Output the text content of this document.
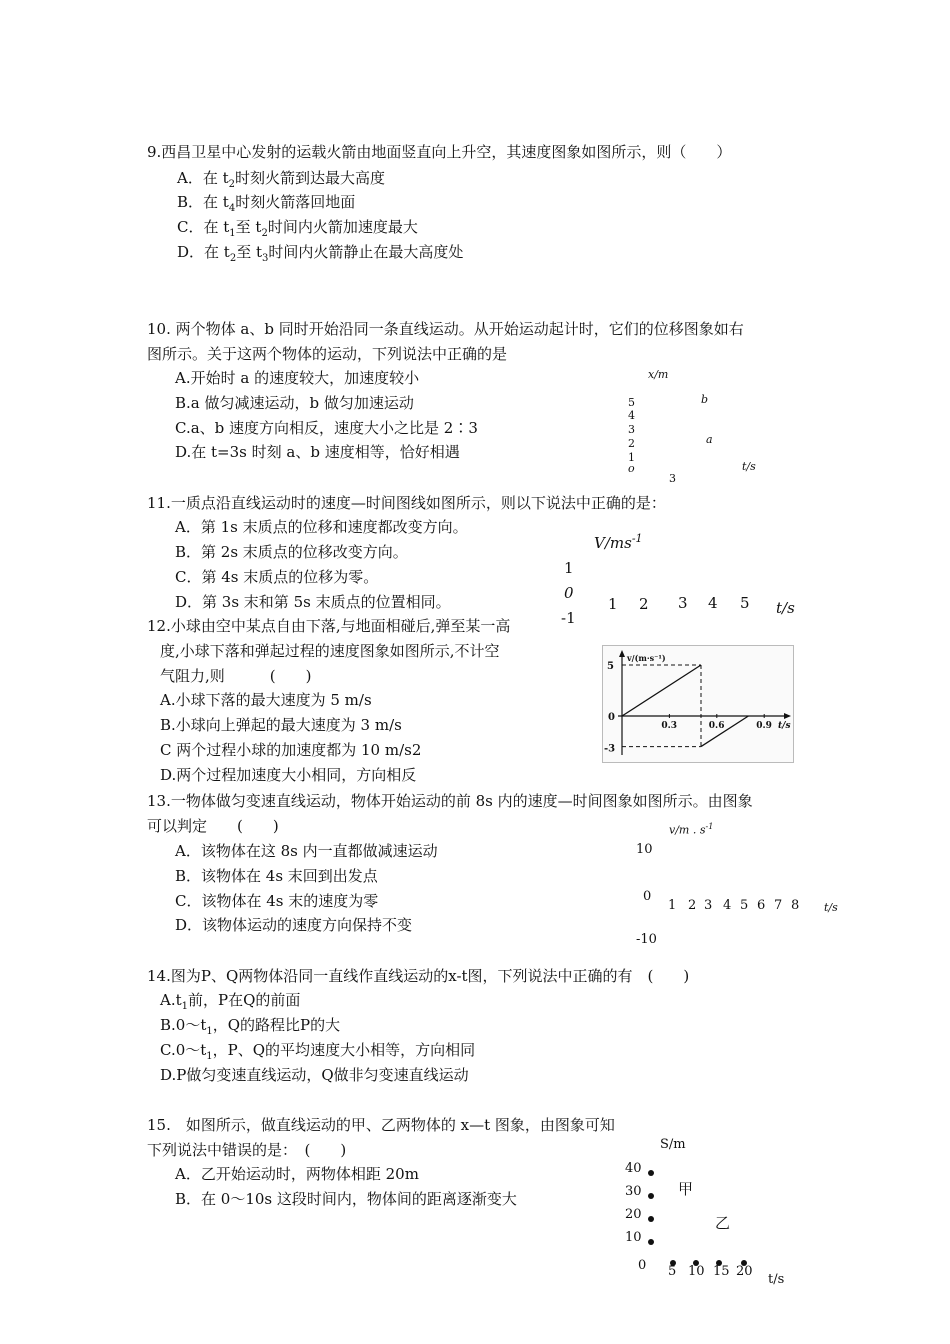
9.西昌卫星中心发射的运载火箭由地面竖直向上升空，其速度图象如图所示，则（　　）
A．在 $t_2$时刻火箭到达最大高度
B．在 $t_4$时刻火箭落回地面
C．在 $t_1$至 $t_2$时间内火箭加速度最大
D．在 $t_2$至 $t_3$时间内火箭静止在最大高度处
10. 两个物体 a、b 同时开始沿同一条直线运动。从开始运动起计时，它们的位移图象如右
图所示。关于这两个物体的运动，下列说法中正确的是
A.开始时 a 的速度较大，加速度较小
B.a 做匀减速运动，b 做匀加速运动
C.a、b 速度方向相反，速度大小之比是 2∶3
D.在 t=3s 时刻 a、b 速度相等，恰好相遇
x/m
b
5
4
3
2	a
1
o	t/s
3
11.一质点沿直线运动时的速度—时间图线如图所示，则以下说法中正确的是：
A．第 1s 末质点的位移和速度都改变方向。
B．第 2s 末质点的位移改变方向。
C．第 4s 末质点的位移为零。
D．第 3s 末和第 5s 末质点的位置相同。
$V/ms^{-1}$
1
0
1 2 3 4 5 t/s
-1
12.小球由空中某点自由下落,与地面相碰后,弹至某一高
度,小球下落和弹起过程的速度图象如图所示,不计空
气阻力,则　　　(　　)
A.小球下落的最大速度为 5 m/s
B.小球向上弹起的最大速度为 3 m/s
C 两个过程小球的加速度都为 10 m/s2
D.两个过程加速度大小相同，方向相反
v/(m·s⁻¹)
5
0
-3
0.3	0.6	0.9 t/s
13.一物体做匀变速直线运动，物体开始运动的前 8s 内的速度—时间图象如图所示。由图象
可以判定　　(　　)
A．该物体在这 8s 内一直都做减速运动
B．该物体在 4s 末回到出发点
C．该物体在 4s 末的速度为零
D．该物体运动的速度方向保持不变
v/m . $s^{-1}$
10
0
1 2 3 4 5 6 7 8 t/s
-10
14.图为P、Q两物体沿同一直线作直线运动的x-t图，下列说法中正确的有　(　　)
$A.t_1$前，P在Q的前面
$B.0\sim t_1$，Q的路程比P的大
$C.0\sim t_1$，P、Q的平均速度大小相等，方向相同
D.P做匀变速直线运动，Q做非匀变速直线运动
15.　如图所示，做直线运动的甲、乙两物体的 x—t 图象，由图象可知
下列说法中错误的是：　(　　)
A．乙开始运动时，两物体相距 20m
B．在 0～10s 这段时间内，物体间的距离逐渐变大
S/m
40
甲
30
20	乙
10
0 5 10 15 20
t/s
